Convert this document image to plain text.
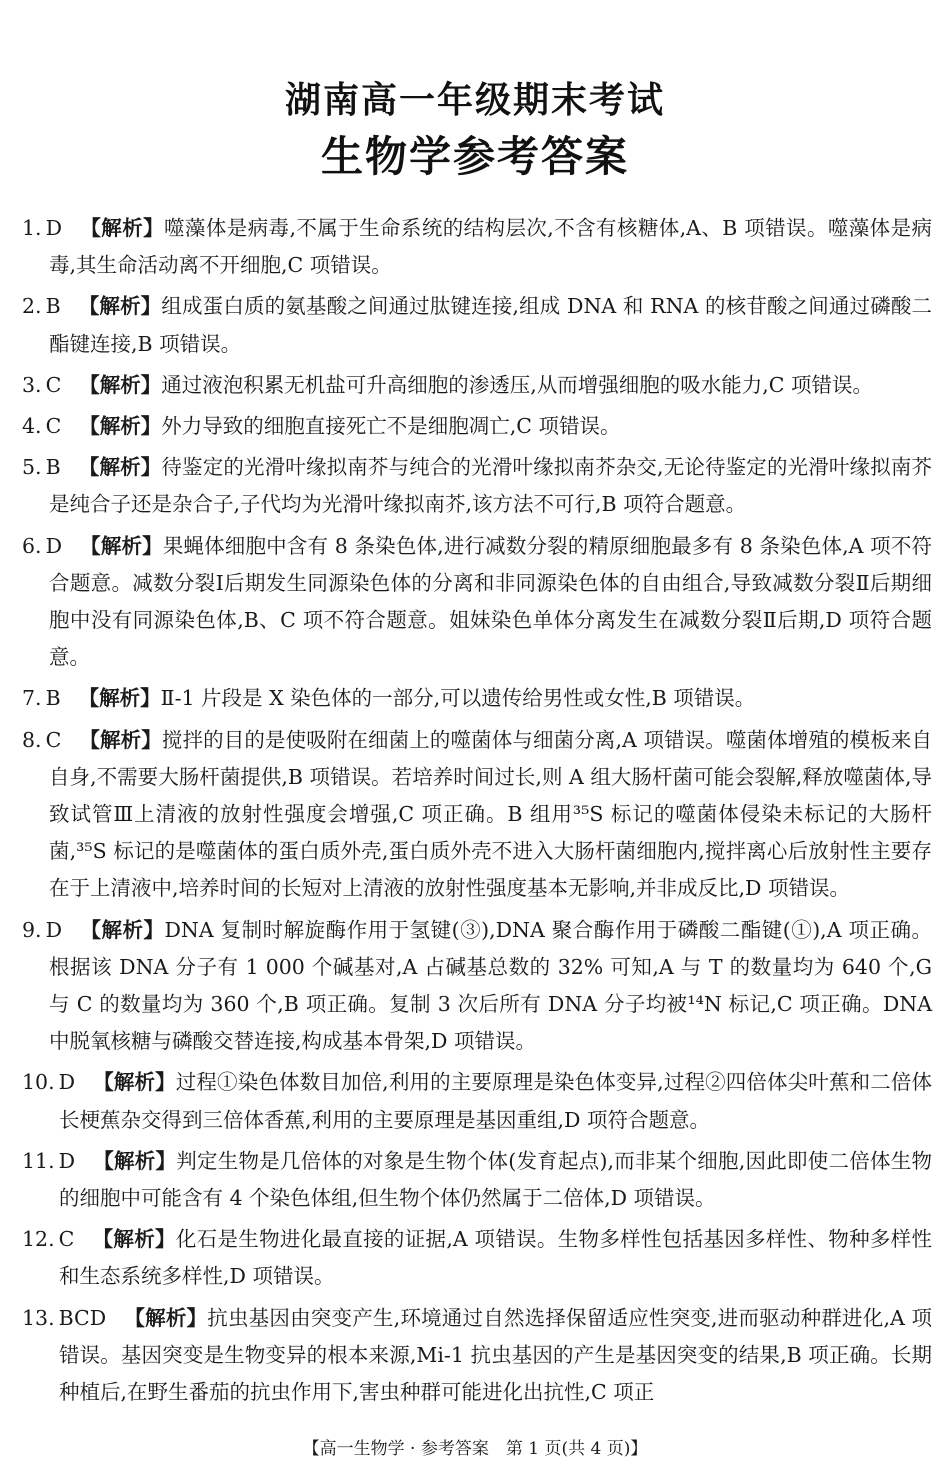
湖南高一年级期末考试
生物学参考答案
1. D 【解析】噬藻体是病毒,不属于生命系统的结构层次,不含有核糖体,A、B 项错误。噬藻体是病毒,其生命活动离不开细胞,C 项错误。
2. B 【解析】组成蛋白质的氨基酸之间通过肽键连接,组成 DNA 和 RNA 的核苷酸之间通过磷酸二酯键连接,B 项错误。
3. C 【解析】通过液泡积累无机盐可升高细胞的渗透压,从而增强细胞的吸水能力,C 项错误。
4. C 【解析】外力导致的细胞直接死亡不是细胞凋亡,C 项错误。
5. B 【解析】待鉴定的光滑叶缘拟南芥与纯合的光滑叶缘拟南芥杂交,无论待鉴定的光滑叶缘拟南芥是纯合子还是杂合子,子代均为光滑叶缘拟南芥,该方法不可行,B 项符合题意。
6. D 【解析】果蝇体细胞中含有 8 条染色体,进行减数分裂的精原细胞最多有 8 条染色体,A 项不符合题意。减数分裂Ⅰ后期发生同源染色体的分离和非同源染色体的自由组合,导致减数分裂Ⅱ后期细胞中没有同源染色体,B、C 项不符合题意。姐妹染色单体分离发生在减数分裂Ⅱ后期,D 项符合题意。
7. B 【解析】Ⅱ-1 片段是 X 染色体的一部分,可以遗传给男性或女性,B 项错误。
8. C 【解析】搅拌的目的是使吸附在细菌上的噬菌体与细菌分离,A 项错误。噬菌体增殖的模板来自自身,不需要大肠杆菌提供,B 项错误。若培养时间过长,则 A 组大肠杆菌可能会裂解,释放噬菌体,导致试管Ⅲ上清液的放射性强度会增强,C 项正确。B 组用³⁵S 标记的噬菌体侵染未标记的大肠杆菌,³⁵S 标记的是噬菌体的蛋白质外壳,蛋白质外壳不进入大肠杆菌细胞内,搅拌离心后放射性主要存在于上清液中,培养时间的长短对上清液的放射性强度基本无影响,并非成反比,D 项错误。
9. D 【解析】DNA 复制时解旋酶作用于氢键(③),DNA 聚合酶作用于磷酸二酯键(①),A 项正确。根据该 DNA 分子有 1 000 个碱基对,A 占碱基总数的 32% 可知,A 与 T 的数量均为 640 个,G 与 C 的数量均为 360 个,B 项正确。复制 3 次后所有 DNA 分子均被¹⁴N 标记,C 项正确。DNA 中脱氧核糖与磷酸交替连接,构成基本骨架,D 项错误。
10. D 【解析】过程①染色体数目加倍,利用的主要原理是染色体变异,过程②四倍体尖叶蕉和二倍体长梗蕉杂交得到三倍体香蕉,利用的主要原理是基因重组,D 项符合题意。
11. D 【解析】判定生物是几倍体的对象是生物个体(发育起点),而非某个细胞,因此即使二倍体生物的细胞中可能含有 4 个染色体组,但生物个体仍然属于二倍体,D 项错误。
12. C 【解析】化石是生物进化最直接的证据,A 项错误。生物多样性包括基因多样性、物种多样性和生态系统多样性,D 项错误。
13. BCD 【解析】抗虫基因由突变产生,环境通过自然选择保留适应性突变,进而驱动种群进化,A 项错误。基因突变是生物变异的根本来源,Mi-1 抗虫基因的产生是基因突变的结果,B 项正确。长期种植后,在野生番茄的抗虫作用下,害虫种群可能进化出抗性,C 项正
【高一生物学 · 参考答案　第 1 页(共 4 页)】
